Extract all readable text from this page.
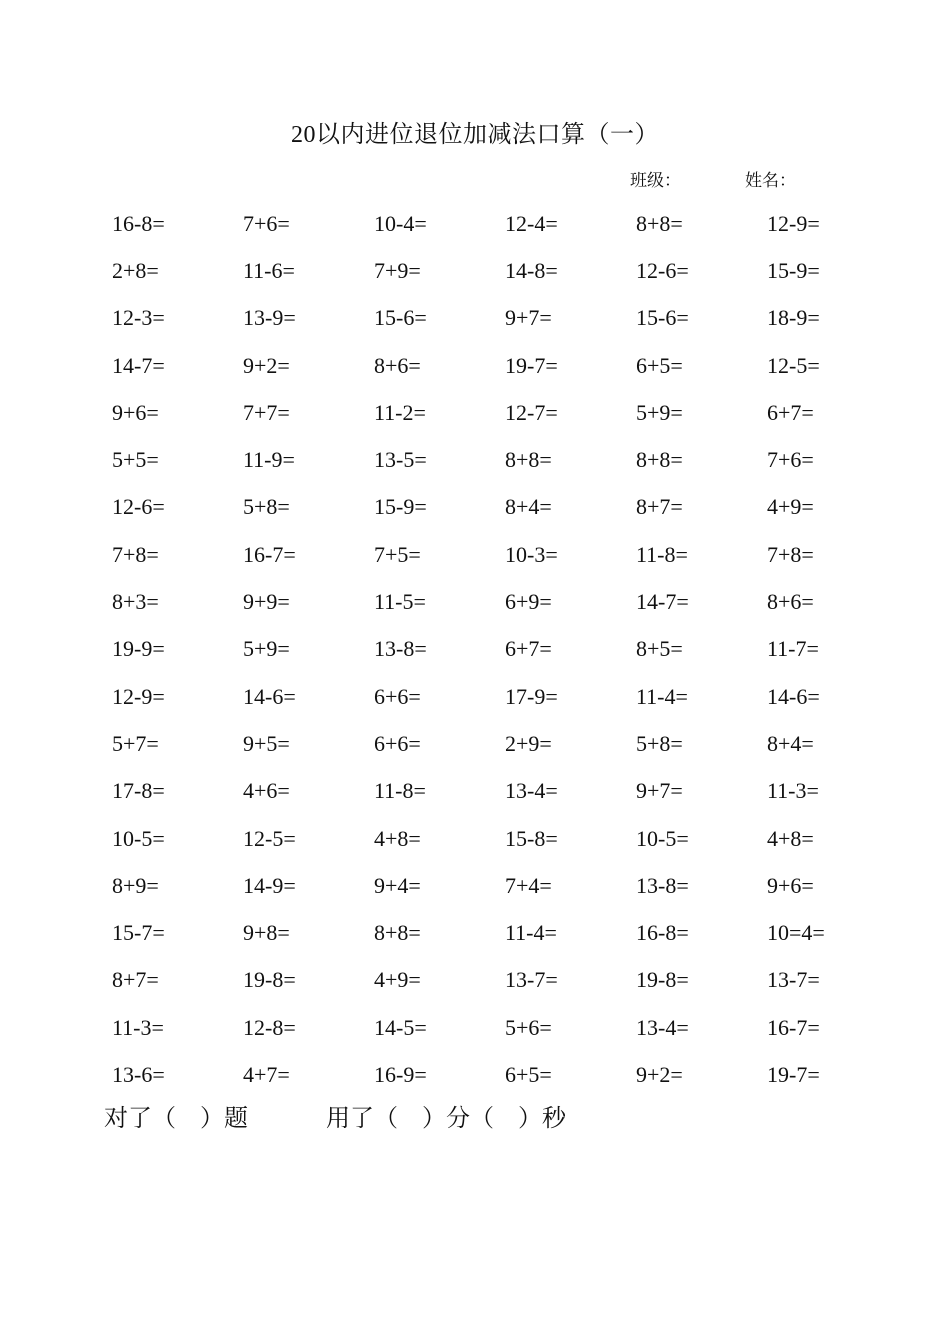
20以内进位退位加减法口算（一）
班级：	姓名：
16-8=	7+6=	10-4=	12-4=	8+8=	12-9=
2+8=	11-6=	7+9=	14-8=	12-6=	15-9=
12-3=	13-9=	15-6=	9+7=	15-6=	18-9=
14-7=	9+2=	8+6=	19-7=	6+5=	12-5=
9+6=	7+7=	11-2=	12-7=	5+9=	6+7=
5+5=	11-9=	13-5=	8+8=	8+8=	7+6=
12-6=	5+8=	15-9=	8+4=	8+7=	4+9=
7+8=	16-7=	7+5=	10-3=	11-8=	7+8=
8+3=	9+9=	11-5=	6+9=	14-7=	8+6=
19-9=	5+9=	13-8=	6+7=	8+5=	11-7=
12-9=	14-6=	6+6=	17-9=	11-4=	14-6=
5+7=	9+5=	6+6=	2+9=	5+8=	8+4=
17-8=	4+6=	11-8=	13-4=	9+7=	11-3=
10-5=	12-5=	4+8=	15-8=	10-5=	4+8=
8+9=	14-9=	9+4=	7+4=	13-8=	9+6=
15-7=	9+8=	8+8=	11-4=	16-8=	10=4=
8+7=	19-8=	4+9=	13-7=	19-8=	13-7=
11-3=	12-8=	14-5=	5+6=	13-4=	16-7=
13-6=	4+7=	16-9=	6+5=	9+2=	19-7=
对了（　）题	用了（　）分（　）秒
